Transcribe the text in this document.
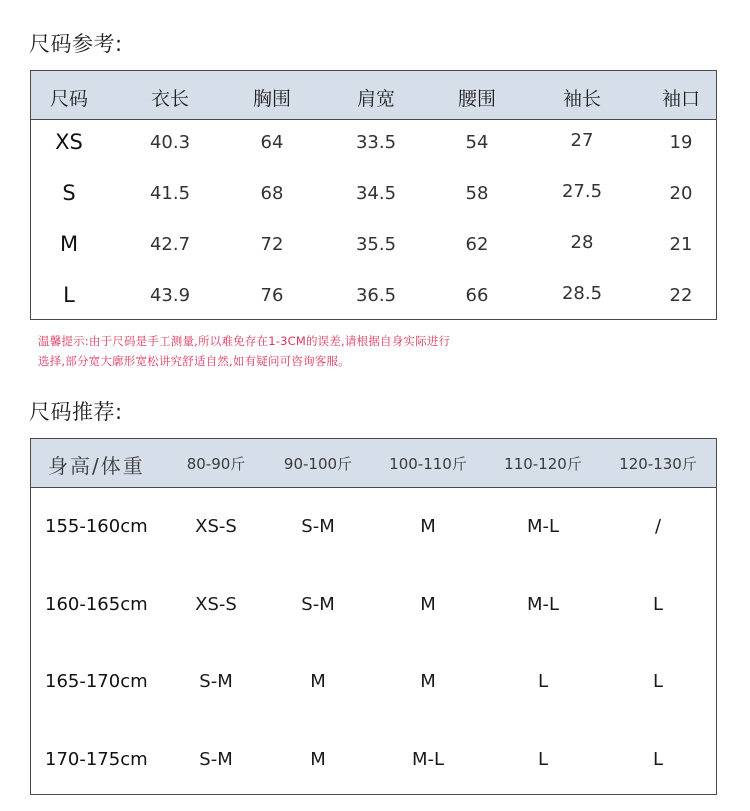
尺码参考:
尺码	衣长	胸围	肩宽	腰围	袖长	袖口
XS	40.3	64	33.5	54	27	19
S	41.5	68	34.5	58	27.5	20
M	42.7	72	35.5	62	28	21
L	43.9	76	36.5	66	28.5	22
温馨提示:由于尺码是手工测量,所以难免存在1-3CM的误差,请根据自身实际进行
选择,部分宽大廓形宽松讲究舒适自然,如有疑问可咨询客服。
尺码推荐:
身高/体重	80-90斤	90-100斤 100-110斤 110-120斤 120-130斤
155-160cm	XS-S	S-M	M	M-L	/
160-165cm	XS-S	S-M	M	M-L	L
165-170cm	S-M	M	M	L	L
170-175cm	S-M	M	M-L	L	L
